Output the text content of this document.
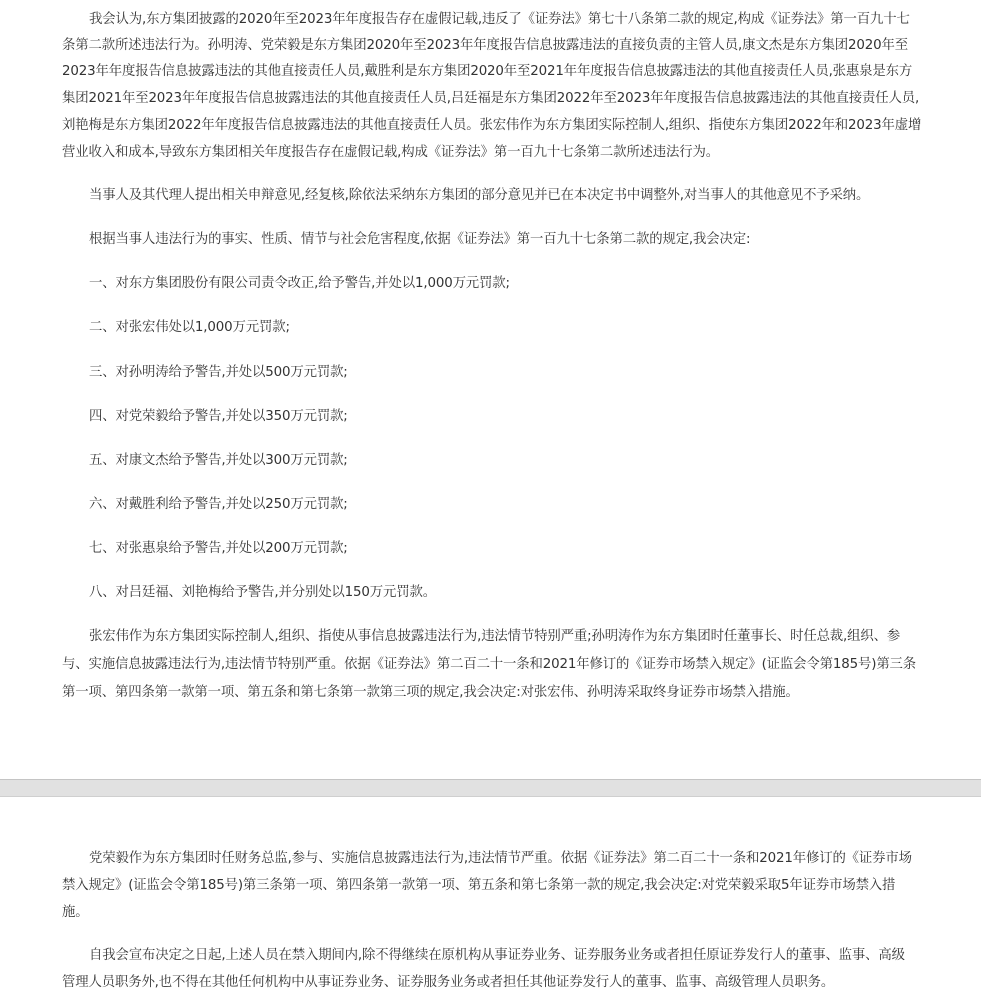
我会认为,东方集团披露的2020年至2023年年度报告存在虚假记载,违反了《证券法》第七十八条第二款的规定,构成《证券法》第一百九十七
条第二款所述违法行为。孙明涛、党荣毅是东方集团2020年至2023年年度报告信息披露违法的直接负责的主管人员,康文杰是东方集团2020年至
2023年年度报告信息披露违法的其他直接责任人员,戴胜利是东方集团2020年至2021年年度报告信息披露违法的其他直接责任人员,张惠泉是东方
集团2021年至2023年年度报告信息披露违法的其他直接责任人员,吕廷福是东方集团2022年至2023年年度报告信息披露违法的其他直接责任人员,
刘艳梅是东方集团2022年年度报告信息披露违法的其他直接责任人员。张宏伟作为东方集团实际控制人,组织、指使东方集团2022年和2023年虚增
营业收入和成本,导致东方集团相关年度报告存在虚假记载,构成《证券法》第一百九十七条第二款所述违法行为。
当事人及其代理人提出相关申辩意见,经复核,除依法采纳东方集团的部分意见并已在本决定书中调整外,对当事人的其他意见不予采纳。
根据当事人违法行为的事实、性质、情节与社会危害程度,依据《证券法》第一百九十七条第二款的规定,我会决定:
一、对东方集团股份有限公司责令改正,给予警告,并处以1,000万元罚款;
二、对张宏伟处以1,000万元罚款;
三、对孙明涛给予警告,并处以500万元罚款;
四、对党荣毅给予警告,并处以350万元罚款;
五、对康文杰给予警告,并处以300万元罚款;
六、对戴胜利给予警告,并处以250万元罚款;
七、对张惠泉给予警告,并处以200万元罚款;
八、对吕廷福、刘艳梅给予警告,并分别处以150万元罚款。
张宏伟作为东方集团实际控制人,组织、指使从事信息披露违法行为,违法情节特别严重;孙明涛作为东方集团时任董事长、时任总裁,组织、参
与、实施信息披露违法行为,违法情节特别严重。依据《证券法》第二百二十一条和2021年修订的《证券市场禁入规定》(证监会令第185号)第三条
第一项、第四条第一款第一项、第五条和第七条第一款第三项的规定,我会决定:对张宏伟、孙明涛采取终身证券市场禁入措施。
党荣毅作为东方集团时任财务总监,参与、实施信息披露违法行为,违法情节严重。依据《证券法》第二百二十一条和2021年修订的《证券市场
禁入规定》(证监会令第185号)第三条第一项、第四条第一款第一项、第五条和第七条第一款的规定,我会决定:对党荣毅采取5年证券市场禁入措
施。
自我会宣布决定之日起,上述人员在禁入期间内,除不得继续在原机构从事证券业务、证券服务业务或者担任原证券发行人的董事、监事、高级
管理人员职务外,也不得在其他任何机构中从事证券业务、证券服务业务或者担任其他证券发行人的董事、监事、高级管理人员职务。
